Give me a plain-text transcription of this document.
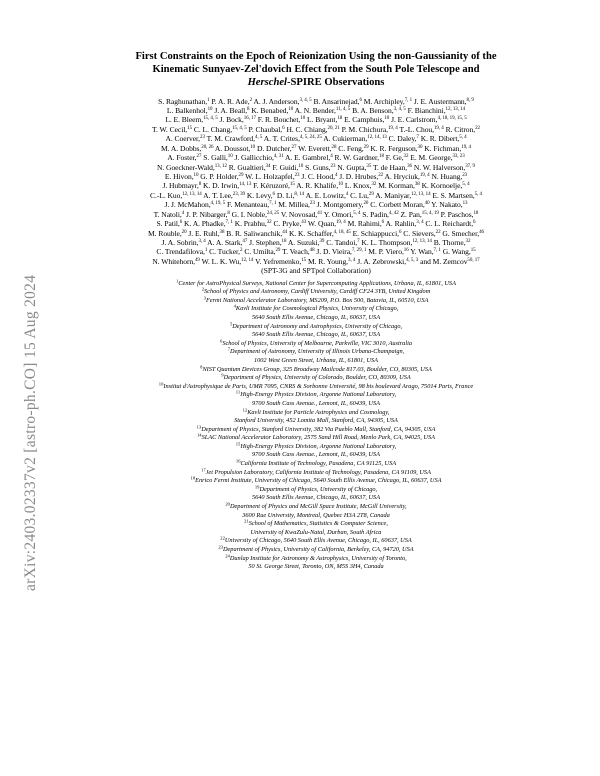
arXiv:2403.02337v2 [astro-ph.CO] 15 Aug 2024
First Constraints on the Epoch of Reionization Using the non-Gaussianity of the
Kinematic Sunyaev-Zel'dovich Effect from the South Pole Telescope and
Herschel-SPIRE Observations
S. Raghunathan,$^1$ P. A. R. Ade,$^2$ A. J. Anderson,$^{3, 4, 5}$ B. Ansarinejad,$^6$ M. Archipley,$^{7, 1}$ J. E. Austermann,$^{8, 9}$
L. Balkenhol,$^{10}$ J. A. Beall,$^8$ K. Benabed,$^{10}$ A. N. Bender,$^{11, 4, 5}$ B. A. Benson,$^{3, 4, 5}$ F. Bianchini,$^{12, 13, 14}$
L. E. Bleem,$^{15, 4, 5}$ J. Bock,$^{16, 17}$ F. R. Bouchet,$^{10}$ L. Bryant,$^{18}$ E. Camphuis,$^{10}$ J. E. Carlstrom,$^{4, 18, 19, 15, 5}$
T. W. Cecil,$^{15}$ C. L. Chang,$^{15, 4, 5}$ P. Chaubal,$^6$ H. C. Chiang,$^{20, 21}$ P. M. Chichura,$^{19, 4}$ T.-L. Chou,$^{19, 4}$ R. Citron,$^{22}$
A. Coerver,$^{23}$ T. M. Crawford,$^{4, 5}$ A. T. Crites,$^{4, 5, 24, 25}$ A. Cukierman,$^{12, 14, 13}$ C. Daley,$^7$ K. R. Dibert,$^{5, 4}$
M. A. Dobbs,$^{20, 26}$ A. Doussot,$^{10}$ D. Dutcher,$^{27}$ W. Everett,$^{28}$ C. Feng,$^{29}$ K. R. Ferguson,$^{30}$ K. Fichman,$^{19, 4}$
A. Foster,$^{27}$ S. Galli,$^{10}$ J. Gallicchio,$^{4, 31}$ A. E. Gambrel,$^4$ R. W. Gardner,$^{18}$ F. Ge,$^{32}$ E. M. George,$^{33, 23}$
N. Goeckner-Wald,$^{13, 12}$ R. Gualtieri,$^{34}$ F. Guidi,$^{10}$ S. Guns,$^{23}$ N. Gupta,$^{35}$ T. de Haan,$^{36}$ N. W. Halverson,$^{37, 9}$
E. Hivon,$^{10}$ G. P. Holder,$^{29}$ W. L. Holzapfel,$^{23}$ J. C. Hood,$^4$ J. D. Hrubes,$^{22}$ A. Hryciuk,$^{19, 4}$ N. Huang,$^{23}$
J. Hubmayr,$^8$ K. D. Irwin,$^{14, 13}$ F. Kéruzoré,$^{15}$ A. R. Khalife,$^{10}$ L. Knox,$^{32}$ M. Korman,$^{38}$ K. Kornoelje,$^{5, 4}$
C.-L. Kuo,$^{12, 13, 14}$ A. T. Lee,$^{23, 39}$ K. Levy,$^6$ D. Li,$^{8, 14}$ A. E. Lowitz,$^4$ C. Lu,$^{29}$ A. Maniyar,$^{12, 13, 14}$ E. S. Martsen,$^{5, 4}$
J. J. McMahon,$^{4, 19, 5}$ F. Menanteau,$^{7, 1}$ M. Millea,$^{23}$ J. Montgomery,$^{20}$ C. Corbett Moran,$^{40}$ Y. Nakato,$^{13}$
T. Natoli,$^4$ J. P. Nibarger,$^8$ G. I. Noble,$^{24, 25}$ V. Novosad,$^{41}$ Y. Omori,$^{5, 4}$ S. Padin,$^{4, 42}$ Z. Pan,$^{15, 4, 19}$ P. Paschos,$^{18}$
S. Patil,$^6$ K. A. Phadke,$^{7, 1}$ K. Prabhu,$^{32}$ C. Pryke,$^{43}$ W. Quan,$^{19, 4}$ M. Rahimi,$^6$ A. Rahlin,$^{3, 4}$ C. L. Reichardt,$^6$
M. Rouble,$^{20}$ J. E. Ruhl,$^{38}$ B. R. Saliwanchik,$^{44}$ K. K. Schaffer,$^{4, 18, 45}$ E. Schiappucci,$^6$ C. Sievers,$^{22}$ G. Smecher,$^{46}$
J. A. Sobrin,$^{3, 4}$ A. A. Stark,$^{47}$ J. Stephen,$^{18}$ A. Suzuki,$^{39}$ C. Tandoi,$^7$ K. L. Thompson,$^{12, 13, 14}$ B. Thorne,$^{32}$
C. Trendafilova,$^1$ C. Tucker,$^2$ C. Umilta,$^{29}$ T. Veach,$^{48}$ J. D. Vieira,$^{7, 29, 1}$ M. P. Viero,$^{16}$ Y. Wan,$^{7, 1}$ G. Wang,$^{15}$
N. Whitehorn,$^{49}$ W. L. K. Wu,$^{12, 14}$ V. Yefremenko,$^{15}$ M. R. Young,$^{3, 4}$ J. A. Zebrowski,$^{4, 5, 3}$ and M. Zemcov$^{50, 17}$
(SPT-3G and SPTpol Collaboration)
$^1$Center for AstroPhysical Surveys, National Center for Supercomputing Applications, Urbana, IL, 61801, USA
$^2$School of Physics and Astronomy, Cardiff University, Cardiff CF24 3YB, United Kingdom
$^3$Fermi National Accelerator Laboratory, MS209, P.O. Box 500, Batavia, IL, 60510, USA
$^4$Kavli Institute for Cosmological Physics, University of Chicago,
5640 South Ellis Avenue, Chicago, IL, 60637, USA
$^5$Department of Astronomy and Astrophysics, University of Chicago,
5640 South Ellis Avenue, Chicago, IL, 60637, USA
$^6$School of Physics, University of Melbourne, Parkville, VIC 3010, Australia
$^7$Department of Astronomy, University of Illinois Urbana-Champaign,
1002 West Green Street, Urbana, IL, 61801, USA
$^8$NIST Quantum Devices Group, 325 Broadway Mailcode 817.03, Boulder, CO, 80305, USA
$^9$Department of Physics, University of Colorado, Boulder, CO, 80309, USA
$^{10}$Institut d'Astrophysique de Paris, UMR 7095, CNRS & Sorbonne Université, 98 bis boulevard Arago, 75014 Paris, France
$^{11}$High-Energy Physics Division, Argonne National Laboratory,
9700 South Cass Avenue., Lemont, IL, 60439, USA
$^{12}$Kavli Institute for Particle Astrophysics and Cosmology,
Stanford University, 452 Lomita Mall, Stanford, CA, 94305, USA
$^{13}$Department of Physics, Stanford University, 382 Via Pueblo Mall, Stanford, CA, 94305, USA
$^{14}$SLAC National Accelerator Laboratory, 2575 Sand Hill Road, Menlo Park, CA, 94025, USA
$^{15}$High-Energy Physics Division, Argonne National Laboratory,
9700 South Cass Avenue., Lemont, IL, 60439, USA
$^{16}$California Institute of Technology, Pasadena, CA 91125, USA
$^{17}$Jet Propulsion Laboratory, California Institute of Technology, Pasadena, CA 91109, USA
$^{18}$Enrico Fermi Institute, University of Chicago, 5640 South Ellis Avenue, Chicago, IL, 60637, USA
$^{19}$Department of Physics, University of Chicago,
5640 South Ellis Avenue, Chicago, IL, 60637, USA
$^{20}$Department of Physics and McGill Space Institute, McGill University,
3600 Rue University, Montreal, Quebec H3A 2T8, Canada
$^{21}$School of Mathematics, Statistics & Computer Science,
University of KwaZulu-Natal, Durban, South Africa
$^{22}$University of Chicago, 5640 South Ellis Avenue, Chicago, IL, 60637, USA
$^{23}$Department of Physics, University of California, Berkeley, CA, 94720, USA
$^{24}$Dunlap Institute for Astronomy & Astrophysics, University of Toronto,
50 St. George Street, Toronto, ON, M5S 3H4, Canada
